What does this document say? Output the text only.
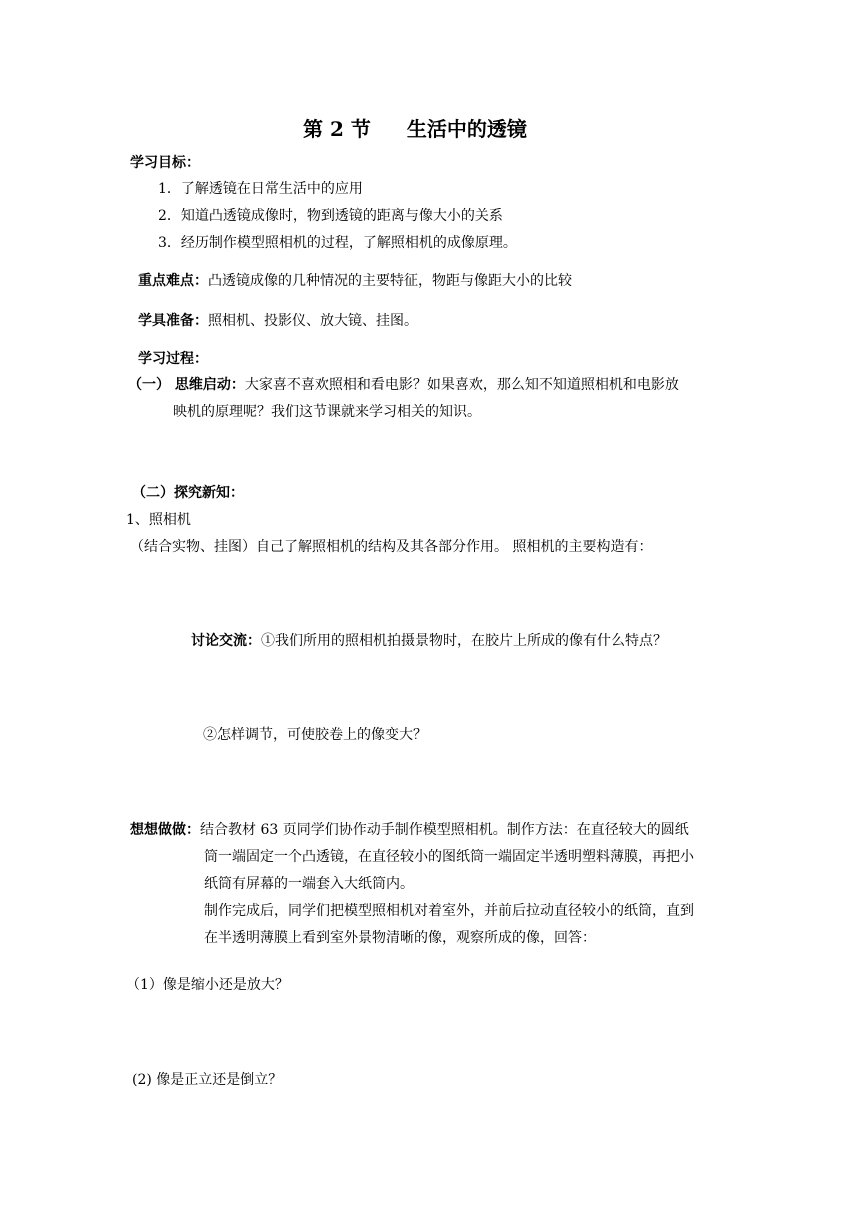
第 2 节 生活中的透镜
学习目标：
1．了解透镜在日常生活中的应用
2．知道凸透镜成像时，物到透镜的距离与像大小的关系
3．经历制作模型照相机的过程，了解照相机的成像原理。
重点难点：凸透镜成像的几种情况的主要特征，物距与像距大小的比较
学具准备：照相机、投影仪、放大镜、挂图。
学习过程：
（一） 思维启动：大家喜不喜欢照相和看电影？如果喜欢，那么知不知道照相机和电影放
映机的原理呢？我们这节课就来学习相关的知识。
（二）探究新知：
1、照相机
（结合实物、挂图）自己了解照相机的结构及其各部分作用。 照相机的主要构造有：
讨论交流：①我们所用的照相机拍摄景物时，在胶片上所成的像有什么特点？
②怎样调节，可使胶卷上的像变大？
想想做做：结合教材 63 页同学们协作动手制作模型照相机。制作方法：在直径较大的圆纸
筒一端固定一个凸透镜，在直径较小的图纸筒一端固定半透明塑料薄膜，再把小
纸筒有屏幕的一端套入大纸筒内。
制作完成后，同学们把模型照相机对着室外，并前后拉动直径较小的纸筒，直到
在半透明薄膜上看到室外景物清晰的像，观察所成的像，回答：
（1）像是缩小还是放大？
(2) 像是正立还是倒立？
